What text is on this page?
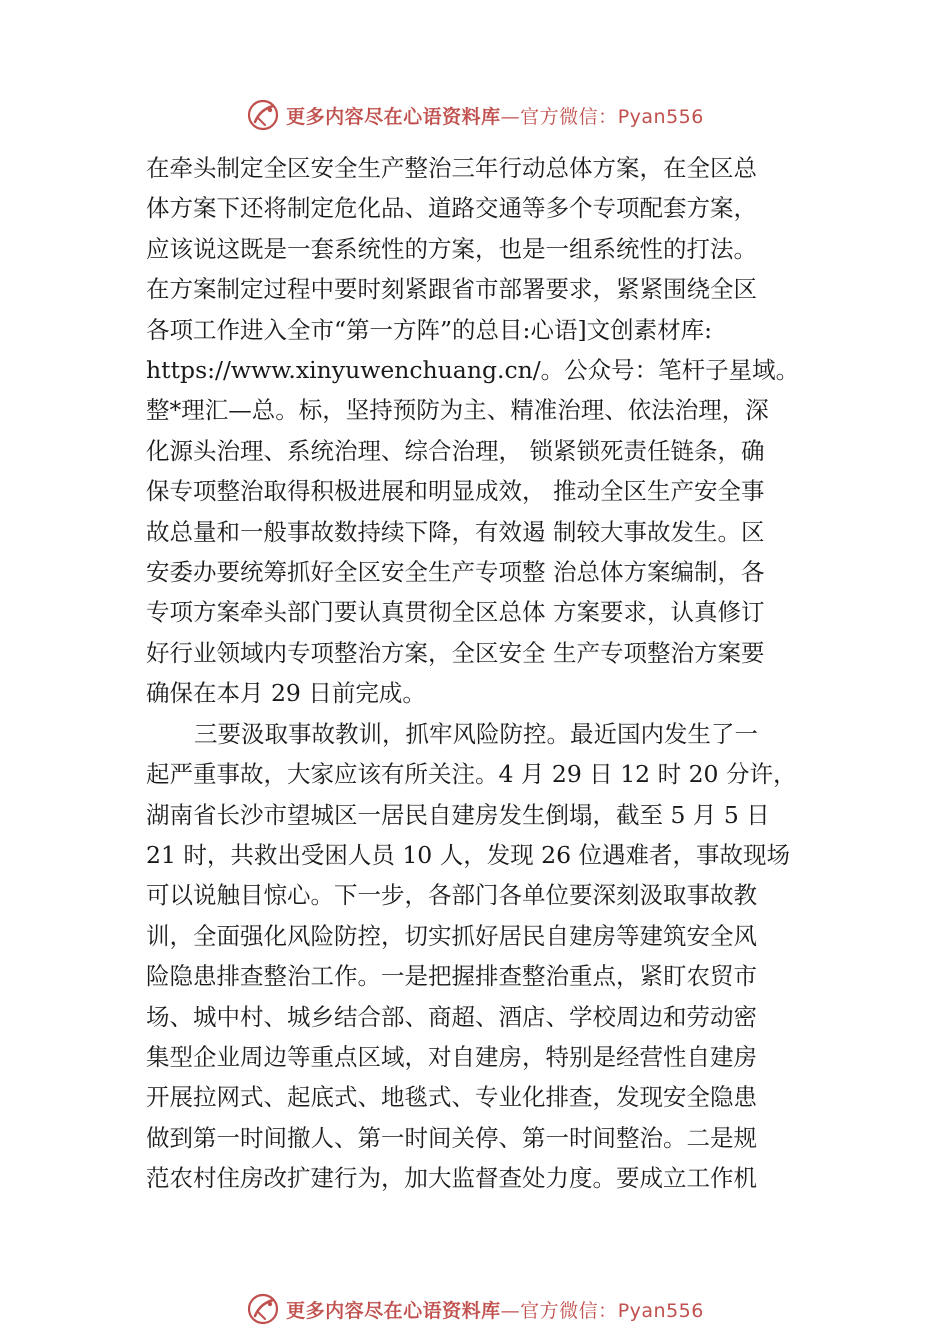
更多内容尽在心语资料库—官方微信：Pyan556

在牵头制定全区安全生产整治三年行动总体方案，在全区总
体方案下还将制定危化品、道路交通等多个专项配套方案，
应该说这既是一套系统性的方案，也是一组系统性的打法。
在方案制定过程中要时刻紧跟省市部署要求，紧紧围绕全区
各项工作进入全市“第一方阵”的总目:心语]文创素材库:
https://www.xinyuwenchuang.cn/。公众号：笔杆子星域。
整*理汇—总。标，坚持预防为主、精准治理、依法治理，深
化源头治理、系统治理、综合治理， 锁紧锁死责任链条，确
保专项整治取得积极进展和明显成效， 推动全区生产安全事
故总量和一般事故数持续下降，有效遏 制较大事故发生。区
安委办要统筹抓好全区安全生产专项整 治总体方案编制，各
专项方案牵头部门要认真贯彻全区总体 方案要求，认真修订
好行业领域内专项整治方案，全区安全 生产专项整治方案要
确保在本月 29 日前完成。

三要汲取事故教训，抓牢风险防控。最近国内发生了一
起严重事故，大家应该有所关注。4 月 29 日 12 时 20 分许，
湖南省长沙市望城区一居民自建房发生倒塌，截至 5 月 5 日
21 时，共救出受困人员 10 人，发现 26 位遇难者，事故现场
可以说触目惊心。下一步，各部门各单位要深刻汲取事故教
训，全面强化风险防控，切实抓好居民自建房等建筑安全风
险隐患排查整治工作。一是把握排查整治重点，紧盯农贸市
场、城中村、城乡结合部、商超、酒店、学校周边和劳动密
集型企业周边等重点区域，对自建房，特别是经营性自建房
开展拉网式、起底式、地毯式、专业化排查，发现安全隐患
做到第一时间撤人、第一时间关停、第一时间整治。二是规
范农村住房改扩建行为，加大监督查处力度。要成立工作机

更多内容尽在心语资料库—官方微信：Pyan556
